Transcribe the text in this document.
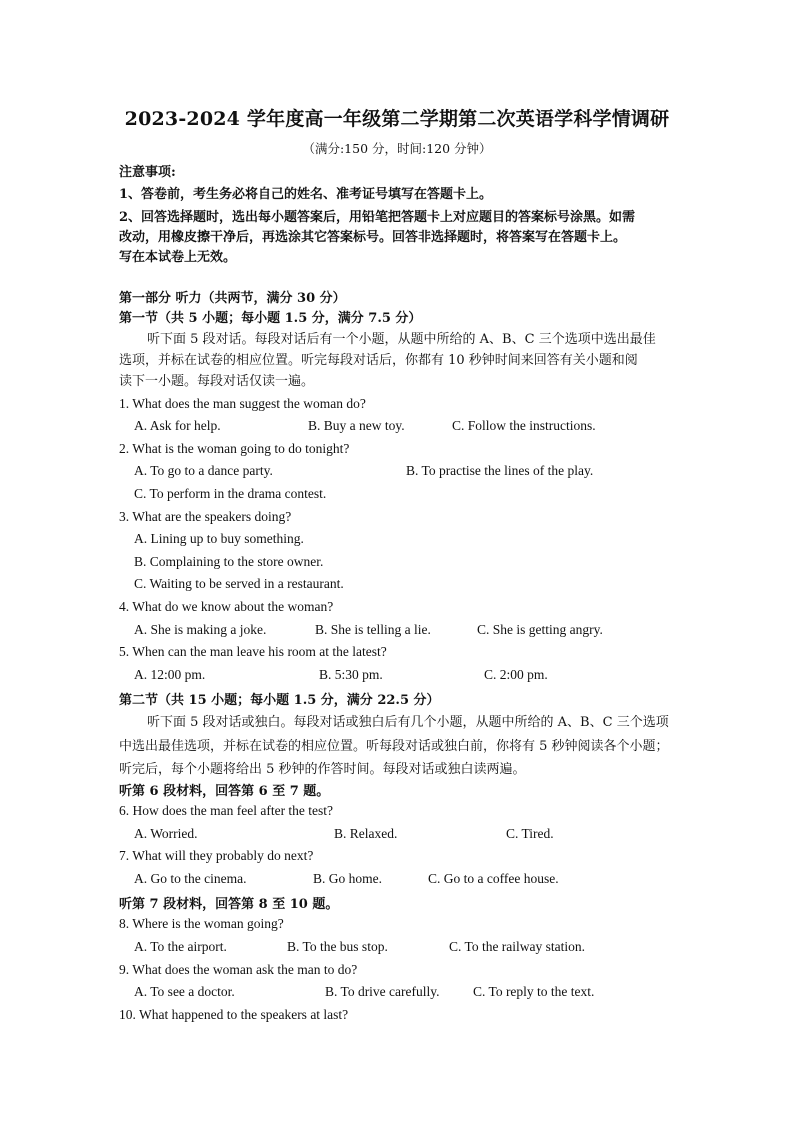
2023-2024 学年度高一年级第二学期第二次英语学科学情调研
（满分:150 分，时间:120 分钟）
注意事项:
1、答卷前，考生务必将自己的姓名、准考证号填写在答题卡上。
2、回答选择题时，选出每小题答案后，用铅笔把答题卡上对应题目的答案标号涂黑。如需
改动，用橡皮擦干净后，再选涂其它答案标号。回答非选择题时，将答案写在答题卡上。
写在本试卷上无效。
第一部分 听力（共两节，满分 30 分）
第一节（共 5 小题；每小题 1.5 分，满分 7.5 分）
听下面 5 段对话。每段对话后有一个小题，从题中所给的 A、B、C 三个选项中选出最佳
选项，并标在试卷的相应位置。听完每段对话后，你都有 10 秒钟时间来回答有关小题和阅
读下一小题。每段对话仅读一遍。
1. What does the man suggest the woman do?
A. Ask for help.	B. Buy a new toy.	C. Follow the instructions.
2. What is the woman going to do tonight?
A. To go to a dance party.	B. To practise the lines of the play.
C. To perform in the drama contest.
3. What are the speakers doing?
A. Lining up to buy something.
B. Complaining to the store owner.
C. Waiting to be served in a restaurant.
4. What do we know about the woman?
A. She is making a joke.	B. She is telling a lie.	C. She is getting angry.
5. When can the man leave his room at the latest?
A. 12:00 pm.	B. 5:30 pm.	C. 2:00 pm.
第二节（共 15 小题；每小题 1.5 分，满分 22.5 分）
听下面 5 段对话或独白。每段对话或独白后有几个小题，从题中所给的 A、B、C 三个选项
中选出最佳选项，并标在试卷的相应位置。听每段对话或独白前，你将有 5 秒钟阅读各个小题；
听完后，每个小题将给出 5 秒钟的作答时间。每段对话或独白读两遍。
听第 6 段材料，回答第 6 至 7 题。
6. How does the man feel after the test?
A. Worried.	B. Relaxed.	C. Tired.
7. What will they probably do next?
A. Go to the cinema.	B. Go home.	C. Go to a coffee house.
听第 7 段材料，回答第 8 至 10 题。
8. Where is the woman going?
A. To the airport.	B. To the bus stop.	C. To the railway station.
9. What does the woman ask the man to do?
A. To see a doctor.	B. To drive carefully. C. To reply to the text.
10. What happened to the speakers at last?
